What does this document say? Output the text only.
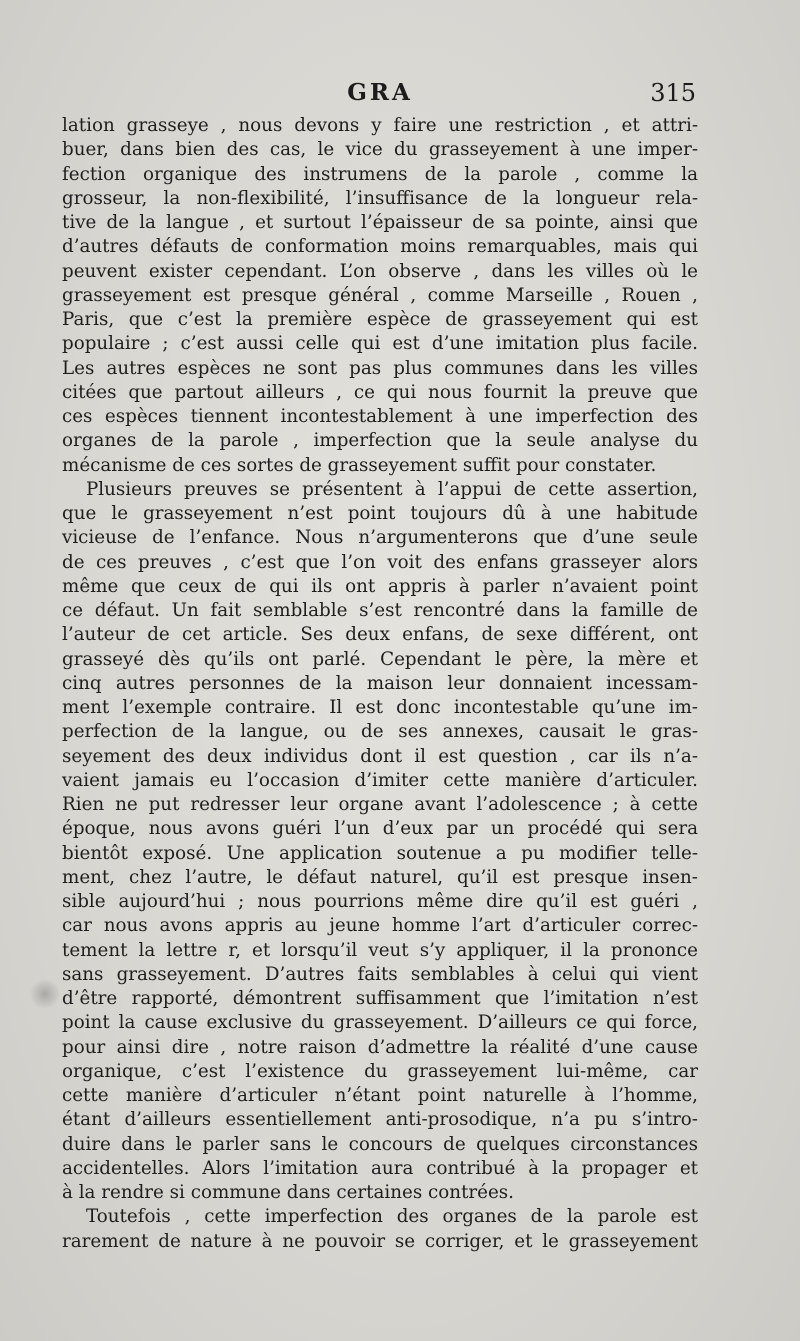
GRA	315
lation grasseye , nous devons y faire une restriction , et attri-
buer, dans bien des cas, le vice du grasseyement à une imper-
fection organique des instrumens de la parole , comme la
grosseur, la non-flexibilité, l’insuffisance de la longueur rela-
tive de la langue , et surtout l’épaisseur de sa pointe, ainsi que
d’autres défauts de conformation moins remarquables, mais qui
peuvent exister cependant. L’on observe , dans les villes où le
grasseyement est presque général , comme Marseille , Rouen ,
Paris, que c’est la première espèce de grasseyement qui est
populaire ; c’est aussi celle qui est d’une imitation plus facile.
Les autres espèces ne sont pas plus communes dans les villes
citées que partout ailleurs , ce qui nous fournit la preuve que
ces espèces tiennent incontestablement à une imperfection des
organes de la parole , imperfection que la seule analyse du
mécanisme de ces sortes de grasseyement suffit pour constater.
Plusieurs preuves se présentent à l’appui de cette assertion,
que le grasseyement n’est point toujours dû à une habitude
vicieuse de l’enfance. Nous n’argumenterons que d’une seule
de ces preuves , c’est que l’on voit des enfans grasseyer alors
même que ceux de qui ils ont appris à parler n’avaient point
ce défaut. Un fait semblable s’est rencontré dans la famille de
l’auteur de cet article. Ses deux enfans, de sexe différent, ont
grasseyé dès qu’ils ont parlé. Cependant le père, la mère et
cinq autres personnes de la maison leur donnaient incessam-
ment l’exemple contraire. Il est donc incontestable qu’une im-
perfection de la langue, ou de ses annexes, causait le gras-
seyement des deux individus dont il est question , car ils n’a-
vaient jamais eu l’occasion d’imiter cette manière d’articuler.
Rien ne put redresser leur organe avant l’adolescence ; à cette
époque, nous avons guéri l’un d’eux par un procédé qui sera
bientôt exposé. Une application soutenue a pu modifier telle-
ment, chez l’autre, le défaut naturel, qu’il est presque insen-
sible aujourd’hui ; nous pourrions même dire qu’il est guéri ,
car nous avons appris au jeune homme l’art d’articuler correc-
tement la lettre r, et lorsqu’il veut s’y appliquer, il la prononce
sans grasseyement. D’autres faits semblables à celui qui vient
d’être rapporté, démontrent suffisamment que l’imitation n’est
point la cause exclusive du grasseyement. D’ailleurs ce qui force,
pour ainsi dire , notre raison d’admettre la réalité d’une cause
organique, c’est l’existence du grasseyement lui-même, car
cette manière d’articuler n’étant point naturelle à l’homme,
étant d’ailleurs essentiellement anti-prosodique, n’a pu s’intro-
duire dans le parler sans le concours de quelques circonstances
accidentelles. Alors l’imitation aura contribué à la propager et
à la rendre si commune dans certaines contrées.
Toutefois , cette imperfection des organes de la parole est
rarement de nature à ne pouvoir se corriger, et le grasseyement
